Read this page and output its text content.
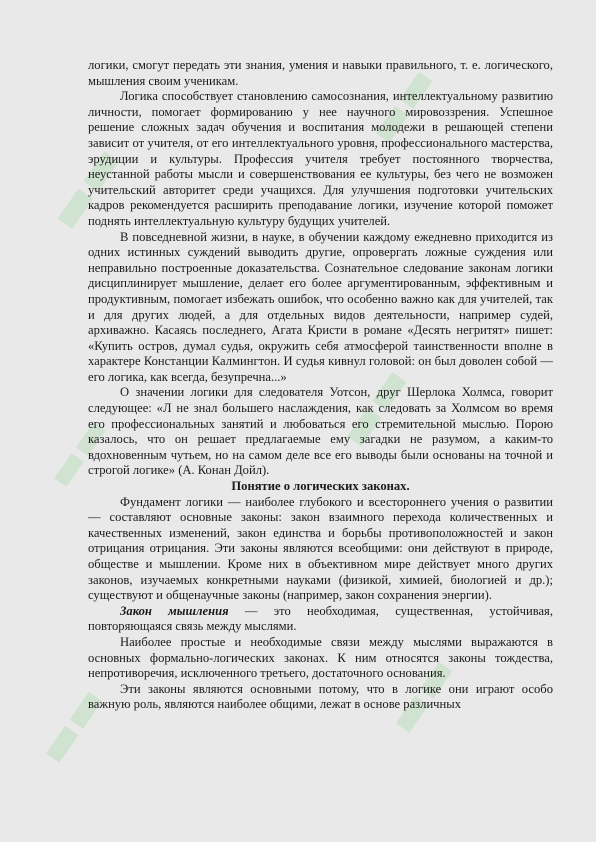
▬▬
▬▬
▬▬	▬▬
▬▬	▬▬

логики, смогут передать эти знания, умения и навыки правильного, т. е. логического, мышления своим ученикам.

Логика способствует становлению самосознания, интеллектуальному развитию личности, помогает формированию у нее научного мировоззрения. Успешное решение сложных задач обучения и воспитания молодежи в решающей степени зависит от учителя, от его интеллектуального уровня, профессионального мастерства, эрудиции и культуры. Профессия учителя требует постоянного творчества, неустанной работы мысли и совершенствования ее культуры, без чего не возможен учительский авторитет среди учащихся. Для улучшения подготовки учительских кадров рекомендуется расширить преподавание логики, изучение которой поможет поднять интеллектуальную культуру будущих учителей.

В повседневной жизни, в науке, в обучении каждому ежедневно приходится из одних истинных суждений выводить другие, опровергать ложные суждения или неправильно построенные доказательства. Сознательное следование законам логики дисциплинирует мышление, делает его более аргументированным, эффективным и продуктивным, помогает избежать ошибок, что особенно важно как для учителей, так и для других людей, а для отдельных видов деятельности, например судей, архиважно. Касаясь последнего, Агата Кристи в романе «Десять негритят» пишет: «Купить остров, думал судья, окружить себя атмосферой таинственности вполне в характере Констанции Калмингтон. И судья кивнул головой: он был доволен собой — его логика, как всегда, безупречна...»

О значении логики для следователя Уотсон, друг Шерлока Холмса, говорит следующее: «Л не знал большего наслаждения, как следовать за Холмсом во время его профессиональных занятий и любоваться его стремительной мыслью. Порою казалось, что он решает предлагаемые ему загадки не разумом, а каким-то вдохновенным чутьем, но на самом деле все его выводы были основаны на точной и строгой логике» (А. Конан Дойл).

Понятие о логических законах.

Фундамент логики — наиболее глубокого и всестороннего учения о развитии — составляют основные законы: закон взаимного перехода количественных и качественных изменений, закон единства и борьбы противоположностей и закон отрицания отрицания. Эти законы являются всеобщими: они действуют в природе, обществе и мышлении. Кроме них в объективном мире действует много других законов, изучаемых конкретными науками (физикой, химией, биологией и др.); существуют и общенаучные законы (например, закон сохранения энергии).

Закон мышления — это необходимая, существенная, устойчивая, повторяющаяся связь между мыслями.

Наиболее простые и необходимые связи между мыслями выражаются в основных формально-логических законах. К ним относятся законы тождества, непротиворечия, исключенного третьего, достаточного основания.

Эти законы являются основными потому, что в логике они играют особо важную роль, являются наиболее общими, лежат в основе различных
